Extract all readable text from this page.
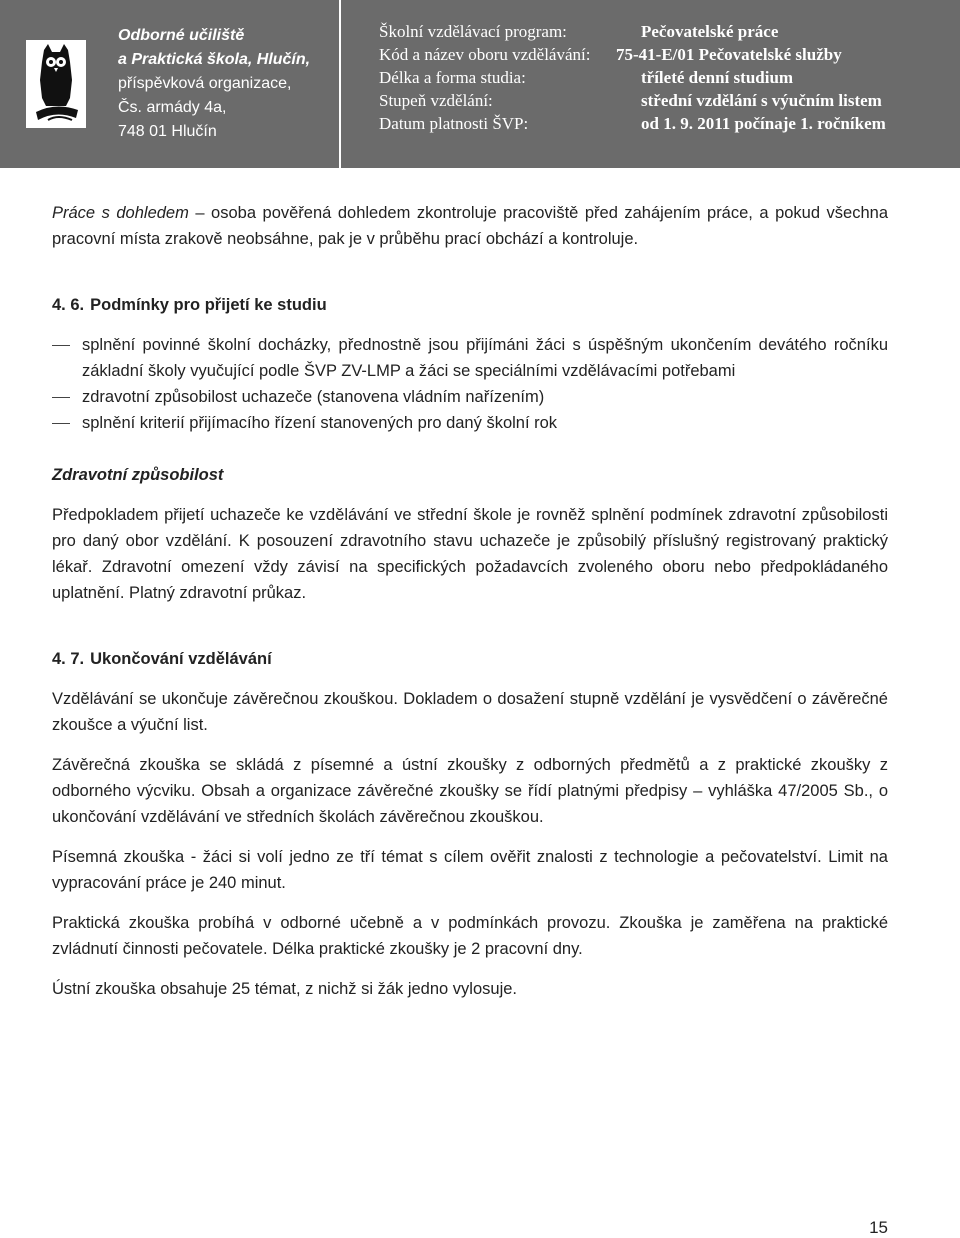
Odborné učiliště
a Praktická škola, Hlučín,
příspěvková organizace,
Čs. armády 4a,
748 01 Hlučín
Školní vzdělávací program:	Pečovatelské práce
Kód a název oboru vzdělávání: 75-41-E/01 Pečovatelské služby
Délka a forma studia:	tříleté denní studium
Stupeň vzdělání:	střední vzdělání s výučním listem
Datum platnosti ŠVP:	od 1. 9. 2011 počínaje 1. ročníkem

Práce s dohledem – osoba pověřená dohledem zkontroluje pracoviště před zahájením práce, a pokud všechna pracovní místa zrakově neobsáhne, pak je v průběhu prací obchází a kontroluje.

4. 6. Podmínky pro přijetí ke studiu

splnění povinné školní docházky, přednostně jsou přijímáni žáci s úspěšným ukončením devátého ročníku základní školy vyučující podle ŠVP ZV-LMP a žáci se speciálními vzdělávacími potřebami

zdravotní způsobilost uchazeče (stanovena vládním nařízením)

splnění kriterií přijímacího řízení stanovených pro daný školní rok

Zdravotní způsobilost

Předpokladem přijetí uchazeče ke vzdělávání ve střední škole je rovněž splnění podmínek zdravotní způsobilosti pro daný obor vzdělání. K posouzení zdravotního stavu uchazeče je způsobilý příslušný registrovaný praktický lékař. Zdravotní omezení vždy závisí na specifických požadavcích zvoleného oboru nebo předpokládaného uplatnění. Platný zdravotní průkaz.

4. 7. Ukončování vzdělávání

Vzdělávání se ukončuje závěrečnou zkouškou. Dokladem o dosažení stupně vzdělání je vysvědčení o závěrečné zkoušce a výuční list.

Závěrečná zkouška se skládá z písemné a ústní zkoušky z odborných předmětů a z praktické zkoušky z odborného výcviku. Obsah a organizace závěrečné zkoušky se řídí platnými předpisy – vyhláška 47/2005 Sb., o ukončování vzdělávání ve středních školách závěrečnou zkouškou.

Písemná zkouška - žáci si volí jedno ze tří témat s cílem ověřit znalosti z technologie a pečovatelství. Limit na vypracování práce je 240 minut.

Praktická zkouška probíhá v odborné učebně a v podmínkách provozu. Zkouška je zaměřena na praktické zvládnutí činnosti pečovatele. Délka praktické zkoušky je 2 pracovní dny.

Ústní zkouška obsahuje 25 témat, z nichž si žák jedno vylosuje.

15
